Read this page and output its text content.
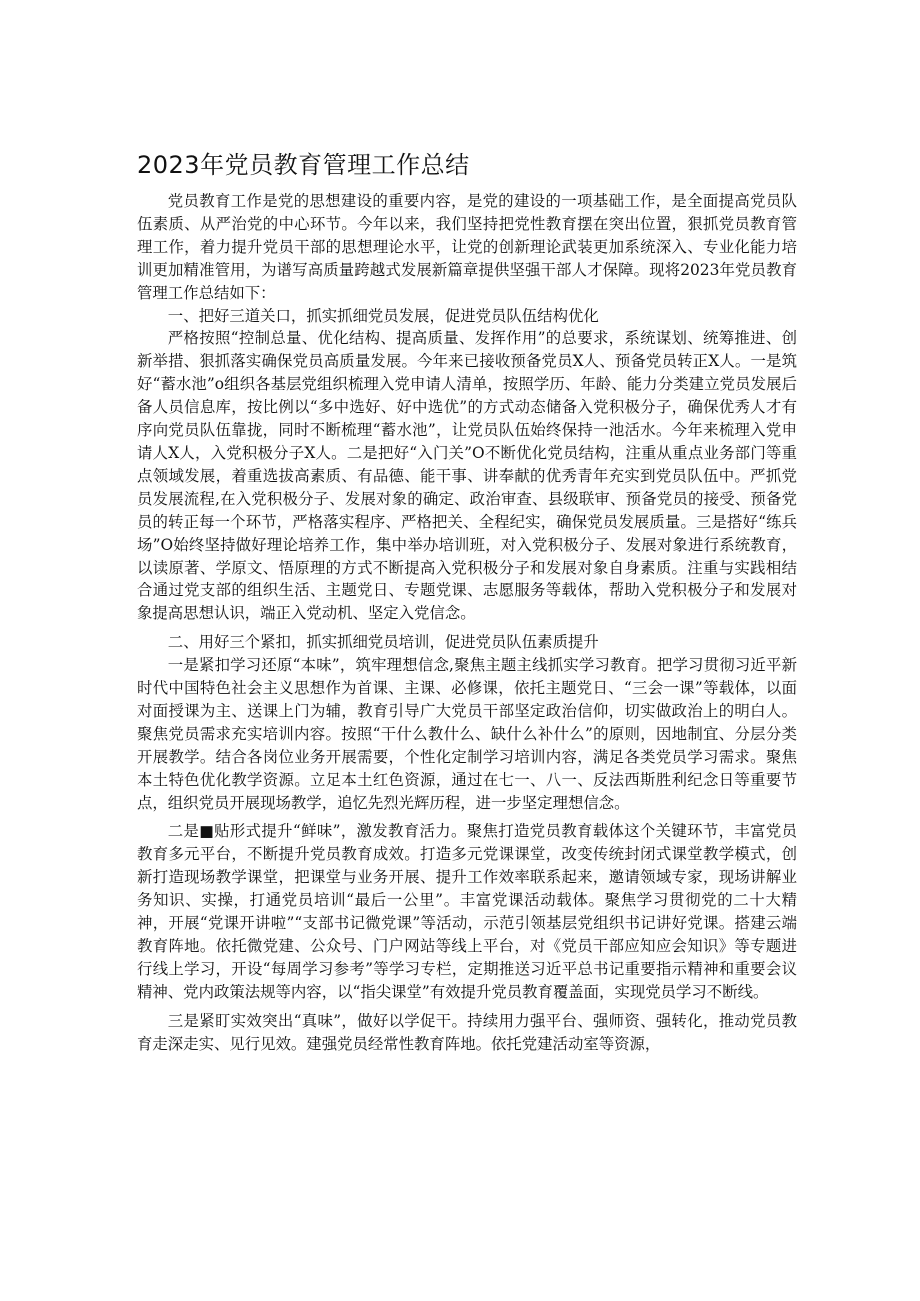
2023年党员教育管理工作总结

党员教育工作是党的思想建设的重要内容，是党的建设的一项基础工作，是全面提高党员队伍素质、从严治党的中心环节。今年以来，我们坚持把党性教育摆在突出位置，狠抓党员教育管理工作，着力提升党员干部的思想理论水平，让党的创新理论武装更加系统深入、专业化能力培训更加精准管用，为谱写高质量跨越式发展新篇章提供坚强干部人才保障。现将2023年党员教育管理工作总结如下：

一、把好三道关口，抓实抓细党员发展，促进党员队伍结构优化

严格按照“控制总量、优化结构、提高质量、发挥作用”的总要求，系统谋划、统筹推进、创新举措、狠抓落实确保党员高质量发展。今年来已接收预备党员X人、预备党员转正X人。一是筑好“蓄水池”o组织各基层党组织梳理入党申请人清单，按照学历、年龄、能力分类建立党员发展后备人员信息库，按比例以“多中选好、好中选优”的方式动态储备入党积极分子，确保优秀人才有序向党员队伍靠拢，同时不断梳理“蓄水池”，让党员队伍始终保持一池活水。今年来梳理入党申请人X人，入党积极分子X人。二是把好“入门关”O不断优化党员结构，注重从重点业务部门等重点领域发展，着重选拔高素质、有品德、能干事、讲奉献的优秀青年充实到党员队伍中。严抓党员发展流程,在入党积极分子、发展对象的确定、政治审查、县级联审、预备党员的接受、预备党员的转正每一个环节，严格落实程序、严格把关、全程纪实，确保党员发展质量。三是搭好“练兵场”O始终坚持做好理论培养工作，集中举办培训班，对入党积极分子、发展对象进行系统教育，以读原著、学原文、悟原理的方式不断提高入党积极分子和发展对象自身素质。注重与实践相结合通过党支部的组织生活、主题党日、专题党课、志愿服务等载体，帮助入党积极分子和发展对象提高思想认识，端正入党动机、坚定入党信念。

二、用好三个紧扣，抓实抓细党员培训，促进党员队伍素质提升

一是紧扣学习还原“本味”，筑牢理想信念,聚焦主题主线抓实学习教育。把学习贯彻习近平新时代中国特色社会主义思想作为首课、主课、必修课，依托主题党日、“三会一课”等载体，以面对面授课为主、送课上门为辅，教育引导广大党员干部坚定政治信仰，切实做政治上的明白人。聚焦党员需求充实培训内容。按照“干什么教什么、缺什么补什么”的原则，因地制宜、分层分类开展教学。结合各岗位业务开展需要，个性化定制学习培训内容，满足各类党员学习需求。聚焦本土特色优化教学资源。立足本土红色资源，通过在七一、八一、反法西斯胜利纪念日等重要节点，组织党员开展现场教学，追忆先烈光辉历程，进一步坚定理想信念。

二是■贴形式提升“鲜味”，激发教育活力。聚焦打造党员教育载体这个关键环节，丰富党员教育多元平台，不断提升党员教育成效。打造多元党课课堂，改变传统封闭式课堂教学模式，创新打造现场教学课堂，把课堂与业务开展、提升工作效率联系起来，邀请领域专家，现场讲解业务知识、实操，打通党员培训“最后一公里”。丰富党课活动载体。聚焦学习贯彻党的二十大精神，开展“党课开讲啦”“支部书记微党课”等活动，示范引领基层党组织书记讲好党课。搭建云端教育阵地。依托微党建、公众号、门户网站等线上平台，对《党员干部应知应会知识》等专题进行线上学习，开设“每周学习参考”等学习专栏，定期推送习近平总书记重要指示精神和重要会议精神、党内政策法规等内容，以“指尖课堂”有效提升党员教育覆盖面，实现党员学习不断线。

三是紧盯实效突出“真味”，做好以学促干。持续用力强平台、强师资、强转化，推动党员教育走深走实、见行见效。建强党员经常性教育阵地。依托党建活动室等资源，
